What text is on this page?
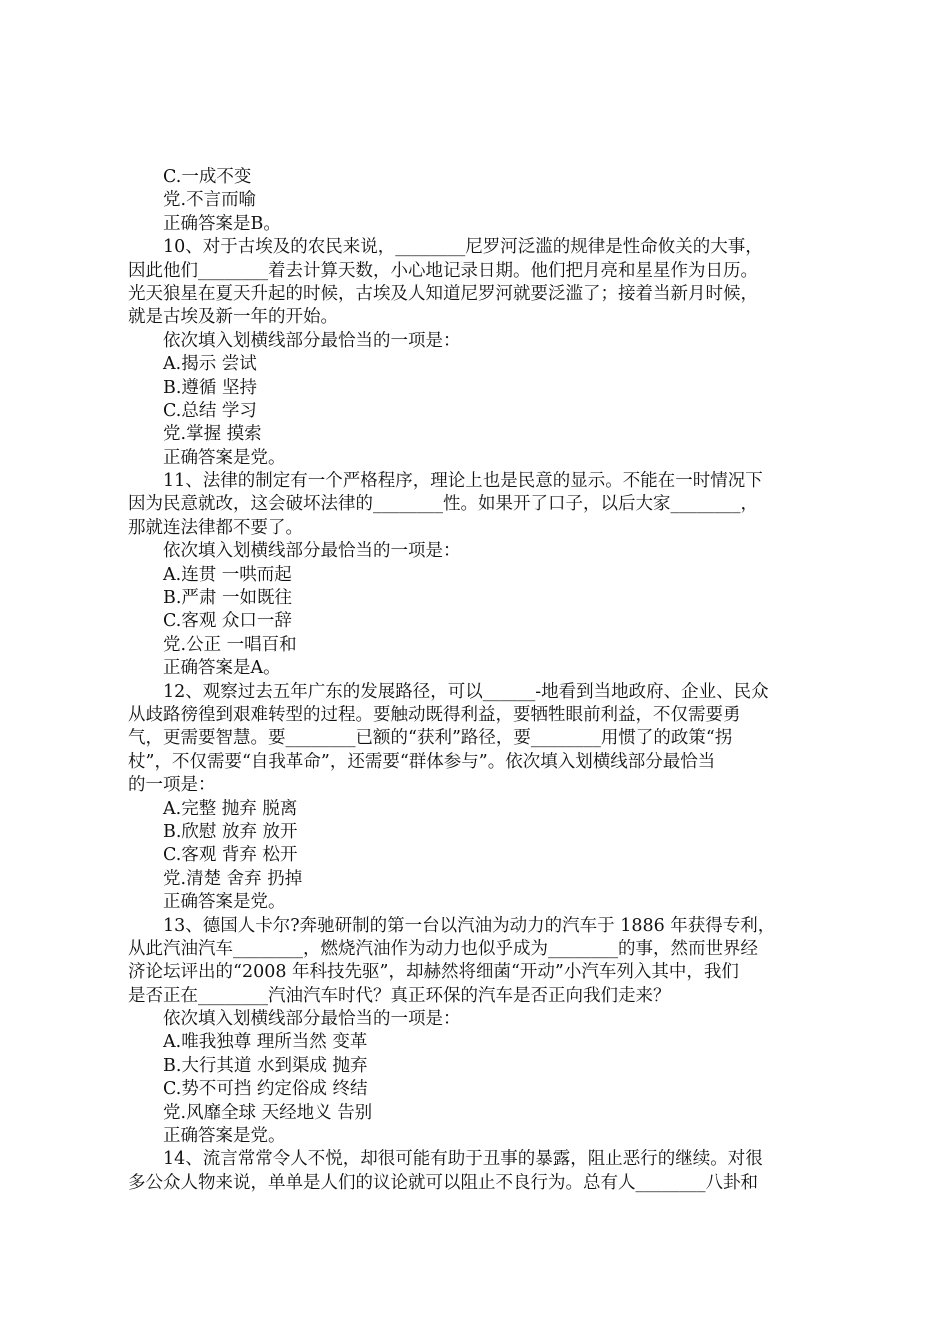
C.一成不变
党.不言而喻
正确答案是B。
10、对于古埃及的农民来说，________尼罗河泛滥的规律是性命攸关的大事，
因此他们________着去计算天数，小心地记录日期。他们把月亮和星星作为日历。
光天狼星在夏天升起的时候，古埃及人知道尼罗河就要泛滥了；接着当新月时候，
就是古埃及新一年的开始。
依次填入划横线部分最恰当的一项是：
A.揭示 尝试
B.遵循 坚持
C.总结 学习
党.掌握 摸索
正确答案是党。
11、法律的制定有一个严格程序，理论上也是民意的显示。不能在一时情况下
因为民意就改，这会破坏法律的________性。如果开了口子，以后大家________，
那就连法律都不要了。
依次填入划横线部分最恰当的一项是：
A.连贯 一哄而起
B.严肃 一如既往
C.客观 众口一辞
党.公正 一唱百和
正确答案是A。
12、观察过去五年广东的发展路径，可以______-地看到当地政府、企业、民众
从歧路徬徨到艰难转型的过程。要触动既得利益，要牺牲眼前利益，不仅需要勇
气，更需要智慧。要________已额的“获利”路径，要________用惯了的政策“拐
杖”，不仅需要“自我革命”，还需要“群体参与”。依次填入划横线部分最恰当
的一项是：
A.完整 抛弃 脱离
B.欣慰 放弃 放开
C.客观 背弃 松开
党.清楚 舍弃 扔掉
正确答案是党。
13、德国人卡尔?奔驰研制的第一台以汽油为动力的汽车于 1886 年获得专利，
从此汽油汽车________，燃烧汽油作为动力也似乎成为________的事，然而世界经
济论坛评出的“2008 年科技先驱”，却赫然将细菌“开动”小汽车列入其中，我们
是否正在________汽油汽车时代？真正环保的汽车是否正向我们走来？
依次填入划横线部分最恰当的一项是：
A.唯我独尊 理所当然 变革
B.大行其道 水到渠成 抛弃
C.势不可挡 约定俗成 终结
党.风靡全球 天经地义 告别
正确答案是党。
14、流言常常令人不悦，却很可能有助于丑事的暴露，阻止恶行的继续。对很
多公众人物来说，单单是人们的议论就可以阻止不良行为。总有人________八卦和
